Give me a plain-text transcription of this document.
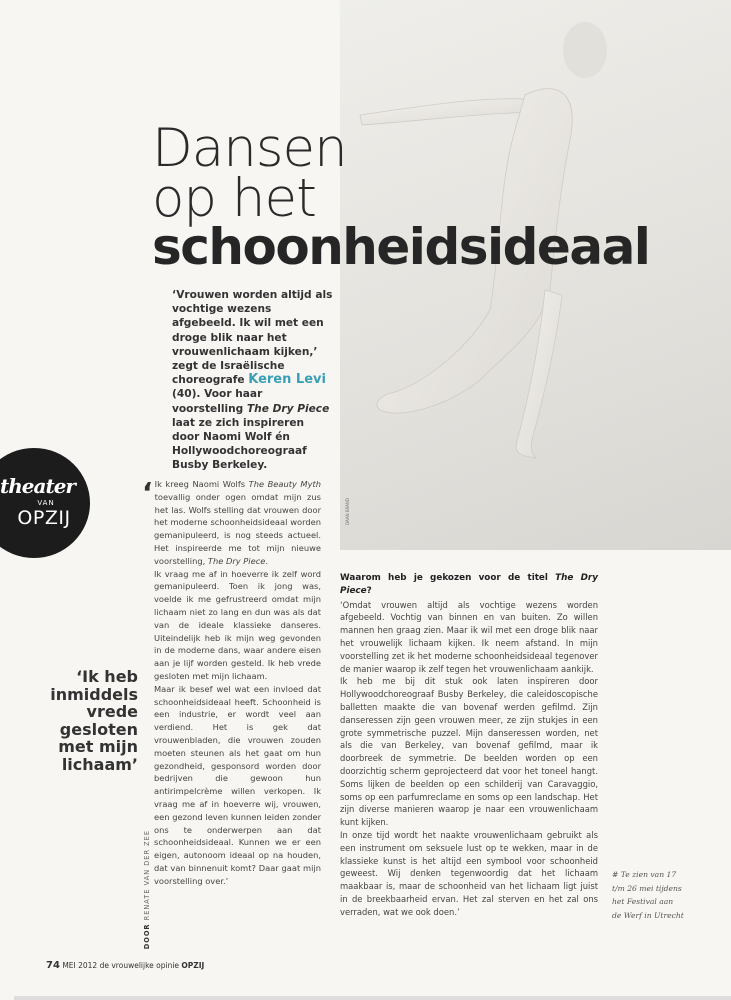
DAAN BRAND
Dansen
op het
schoonheidsideaal
‘Vrouwen worden altijd als vochtige wezens afgebeeld. Ik wil met een droge blik naar het vrouwenlichaam kijken,’ zegt de Israëlische choreografe Keren Levi (40). Voor haar voorstelling The Dry Piece laat ze zich inspireren door Naomi Wolf én Hollywoodchoreograaf Busby Berkeley.
theater
VAN
OPZIJ
‘Ik heb inmiddels vrede gesloten met mijn lichaam’
DOOR RENATE VAN DER ZEE

‘ Ik kreeg Naomi Wolfs The Beauty Myth toevallig onder ogen omdat mijn zus het las. Wolfs stelling dat vrouwen door het moderne schoonheidsideaal worden gemanipuleerd, is nog steeds actueel. Het inspireerde me tot mijn nieuwe voorstelling, The Dry Piece.

Ik vraag me af in hoeverre ik zelf word gemanipuleerd. Toen ik jong was, voelde ik me gefrustreerd omdat mijn lichaam niet zo lang en dun was als dat van de ideale klassieke danseres. Uiteindelijk heb ik mijn weg gevonden in de moderne dans, waar andere eisen aan je lijf worden gesteld. Ik heb vrede gesloten met mijn lichaam.

Maar ik besef wel wat een invloed dat schoonheidsideaal heeft. Schoonheid is een industrie, er wordt veel aan verdiend. Het is gek dat vrouwenbladen, die vrouwen zouden moeten steunen als het gaat om hun gezondheid, gesponsord worden door bedrijven die gewoon hun antirimpelcrème willen verkopen. Ik vraag me af in hoeverre wij, vrouwen, een gezond leven kunnen leiden zonder ons te onderwerpen aan dat schoonheidsideaal. Kunnen we er een eigen, autonoom ideaal op na houden, dat van binnenuit komt? Daar gaat mijn voorstelling over.’

Waarom heb je gekozen voor de titel The Dry Piece?

‘Omdat vrouwen altijd als vochtige wezens worden afgebeeld. Vochtig van binnen en van buiten. Zo willen mannen hen graag zien. Maar ik wil met een droge blik naar het vrouwelijk lichaam kijken. Ik neem afstand. In mijn voorstelling zet ik het moderne schoonheidsideaal tegenover de manier waarop ik zelf tegen het vrouwenlichaam aankijk.

Ik heb me bij dit stuk ook laten inspireren door Hollywoodchoreograaf Busby Berkeley, die caleidoscopische balletten maakte die van bovenaf werden gefilmd. Zijn danseressen zijn geen vrouwen meer, ze zijn stukjes in een grote symmetrische puzzel. Mijn danseressen worden, net als die van Berkeley, van bovenaf gefilmd, maar ik doorbreek de symmetrie. De beelden worden op een doorzichtig scherm geprojecteerd dat voor het toneel hangt. Soms lijken de beelden op een schilderij van Caravaggio, soms op een parfumreclame en soms op een landschap. Het zijn diverse manieren waarop je naar een vrouwenlichaam kunt kijken.

In onze tijd wordt het naakte vrouwenlichaam gebruikt als een instrument om seksuele lust op te wekken, maar in de klassieke kunst is het altijd een symbool voor schoonheid geweest. Wij denken tegenwoordig dat het lichaam maakbaar is, maar de schoonheid van het lichaam ligt juist in de breekbaarheid ervan. Het zal sterven en het zal ons verraden, wat we ook doen.’

# Te zien van 17 t/m 26 mei tijdens het Festival aan de Werf in Utrecht
74 MEI 2012 de vrouwelijke opinie OPZIJ
